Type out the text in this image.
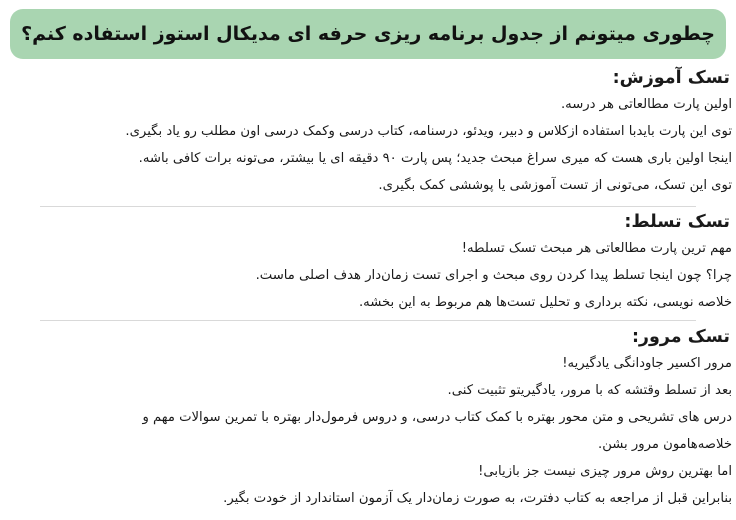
چطوری میتونم از جدول برنامه ریزی حرفه ای مدیکال استوز استفاده کنم؟
تسک آموزش:
اولین پارت مطالعاتی هر درسه.
توی این پارت بایدبا استفاده ازکلاس و دبیر، ویدئو، درسنامه، کتاب درسی وکمک درسی اون مطلب رو یاد بگیری.
اینجا اولین باری هست که میری سراغ مبحث جدید؛ پس پارت ۹۰ دقیقه ای یا بیشتر، می‌تونه برات کافی باشه.
توی این تسک، می‌تونی از تست آموزشی یا پوششی کمک بگیری.
تسک تسلط:
مهم ترین پارت مطالعاتی هر مبحث تسک تسلطه!
چرا؟ چون اینجا تسلط پیدا کردن روی مبحث و اجرای تست زمان‌دار هدف اصلی ماست.
خلاصه نویسی، نکته برداری و تحلیل تست‌ها هم مربوط به این بخشه.
تسک مرور:
مرور اکسیر جاودانگی یادگیریه!
بعد از تسلط وقتشه که با مرور، یادگیریتو تثبیت کنی.
درس های تشریحی و متن محور بهتره با کمک کتاب درسی، و دروس فرمول‌دار بهتره با تمرین سوالات مهم و
خلاصه‌هامون مرور بشن.
اما بهترین روش مرور چیزی نیست جز بازیابی!
بنابراین قبل از مراجعه به کتاب دفترت، به صورت زمان‌دار یک آزمون استاندارد از خودت بگیر.
